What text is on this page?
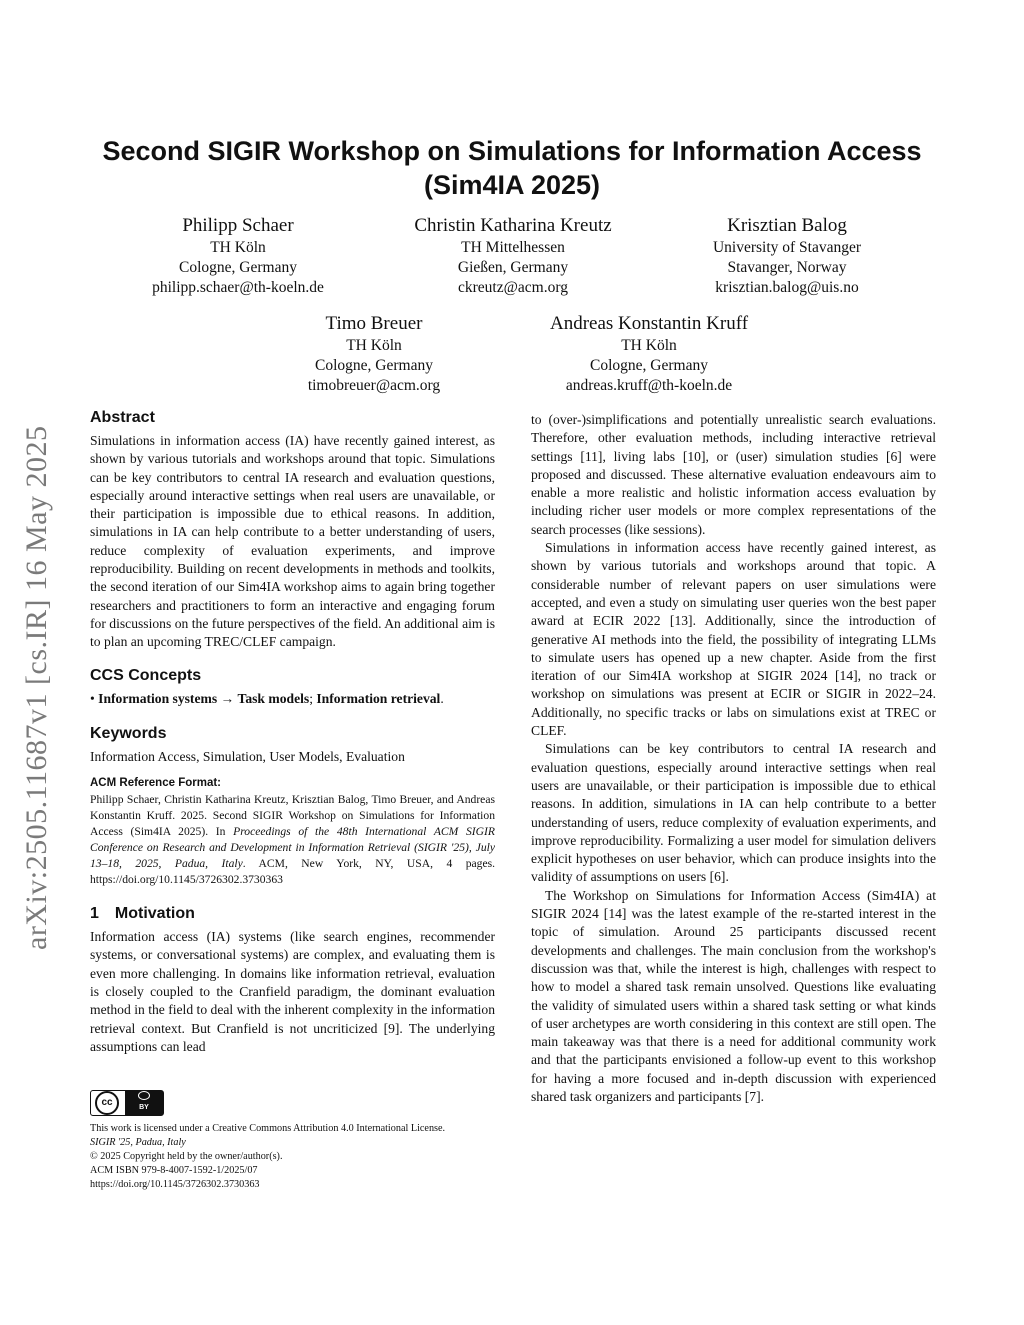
arXiv:2505.11687v1 [cs.IR] 16 May 2025
Second SIGIR Workshop on Simulations for Information Access
(Sim4IA 2025)
Philipp Schaer
TH Köln
Cologne, Germany
philipp.schaer@th-koeln.de
Christin Katharina Kreutz
TH Mittelhessen
Gießen, Germany
ckreutz@acm.org
Krisztian Balog
University of Stavanger
Stavanger, Norway
krisztian.balog@uis.no
Timo Breuer
TH Köln
Cologne, Germany
timobreuer@acm.org
Andreas Konstantin Kruff
TH Köln
Cologne, Germany
andreas.kruff@th-koeln.de
Abstract

Simulations in information access (IA) have recently gained interest, as shown by various tutorials and workshops around that topic. Simulations can be key contributors to central IA research and evaluation questions, especially around interactive settings when real users are unavailable, or their participation is impossible due to ethical reasons. In addition, simulations in IA can help contribute to a better understanding of users, reduce complexity of evaluation experiments, and improve reproducibility. Building on recent developments in methods and toolkits, the second iteration of our Sim4IA workshop aims to again bring together researchers and practitioners to form an interactive and engaging forum for discussions on the future perspectives of the field. An additional aim is to plan an upcoming TREC/CLEF campaign.

CCS Concepts
• Information systems → Task models; Information retrieval.
Keywords
Information Access, Simulation, User Models, Evaluation
ACM Reference Format:
Philipp Schaer, Christin Katharina Kreutz, Krisztian Balog, Timo Breuer, and Andreas Konstantin Kruff. 2025. Second SIGIR Workshop on Simulations for Information Access (Sim4IA 2025). In Proceedings of the 48th International ACM SIGIR Conference on Research and Development in Information Retrieval (SIGIR '25), July 13–18, 2025, Padua, Italy. ACM, New York, NY, USA, 4 pages. https://doi.org/10.1145/3726302.3730363
1 Motivation

Information access (IA) systems (like search engines, recommender systems, or conversational systems) are complex, and evaluating them is even more challenging. In domains like information retrieval, evaluation is closely coupled to the Cranfield paradigm, the dominant evaluation method in the field to deal with the inherent complexity in the information retrieval context. But Cranfield is not uncriticized [9]. The underlying assumptions can lead

cc	BY
This work is licensed under a Creative Commons Attribution 4.0 International License.
SIGIR '25, Padua, Italy
© 2025 Copyright held by the owner/author(s).
ACM ISBN 979-8-4007-1592-1/2025/07
https://doi.org/10.1145/3726302.3730363

to (over-)simplifications and potentially unrealistic search evaluations. Therefore, other evaluation methods, including interactive retrieval settings [11], living labs [10], or (user) simulation studies [6] were proposed and discussed. These alternative evaluation endeavours aim to enable a more realistic and holistic information access evaluation by including richer user models or more complex representations of the search processes (like sessions).

Simulations in information access have recently gained interest, as shown by various tutorials and workshops around that topic. A considerable number of relevant papers on user simulations were accepted, and even a study on simulating user queries won the best paper award at ECIR 2022 [13]. Additionally, since the introduction of generative AI methods into the field, the possibility of integrating LLMs to simulate users has opened up a new chapter. Aside from the first iteration of our Sim4IA workshop at SIGIR 2024 [14], no track or workshop on simulations was present at ECIR or SIGIR in 2022–24. Additionally, no specific tracks or labs on simulations exist at TREC or CLEF.

Simulations can be key contributors to central IA research and evaluation questions, especially around interactive settings when real users are unavailable, or their participation is impossible due to ethical reasons. In addition, simulations in IA can help contribute to a better understanding of users, reduce complexity of evaluation experiments, and improve reproducibility. Formalizing a user model for simulation delivers explicit hypotheses on user behavior, which can produce insights into the validity of assumptions on users [6].

The Workshop on Simulations for Information Access (Sim4IA) at SIGIR 2024 [14] was the latest example of the re-started interest in the topic of simulation. Around 25 participants discussed recent developments and challenges. The main conclusion from the workshop's discussion was that, while the interest is high, challenges with respect to how to model a shared task remain unsolved. Questions like evaluating the validity of simulated users within a shared task setting or what kinds of user archetypes are worth considering in this context are still open. The main takeaway was that there is a need for additional community work and that the participants envisioned a follow-up event to this workshop for having a more focused and in-depth discussion with experienced shared task organizers and participants [7].
